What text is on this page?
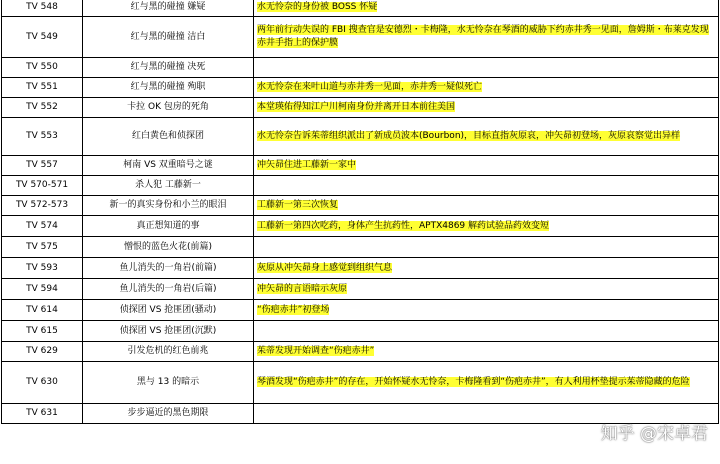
TV 548	红与黑的碰撞 嫌疑	水无怜奈的身份被 BOSS 怀疑
TV 549	红与黑的碰撞 洁白	两年前行动失误的 FBI 搜查官是安德烈・卡梅隆，水无怜奈在琴酒的威胁下约赤井秀一见面，詹姆斯・布莱克发现赤井手指上的保护膜
TV 550	红与黑的碰撞 决死	
TV 551	红与黑的碰撞 殉职	水无怜奈在来叶山道与赤井秀一见面，赤井秀一疑似死亡
TV 552	卡拉 OK 包房的死角	本堂瑛佑得知江户川柯南身份并离开日本前往美国
TV 553	红白黄色和侦探团	水无怜奈告诉茱蒂组织派出了新成员波本(Bourbon)，目标直指灰原哀，冲矢昴初登场，灰原哀察觉出异样
TV 557	柯南 VS 双重暗号之谜	冲矢昴住进工藤新一家中
TV 570-571	杀人犯 工藤新一	
TV 572-573	新一的真实身份和小兰的眼泪	工藤新一第三次恢复
TV 574	真正想知道的事	工藤新一第四次吃药，身体产生抗药性，APTX4869 解药试验品药效变短
TV 575	憎恨的蓝色火花(前篇)	
TV 593	鱼儿消失的一角岩(前篇)	灰原从冲矢昴身上感觉到组织气息
TV 594	鱼儿消失的一角岩(后篇)	冲矢昴的言语暗示灰原
TV 614	侦探团 VS 抢匪团(骚动)	“伤疤赤井”初登场
TV 615	侦探团 VS 抢匪团(沉默)	
TV 629	引发危机的红色前兆	茱蒂发现开始调查“伤疤赤井”
TV 630	黑与 13 的暗示	琴酒发现“伤疤赤井”的存在，开始怀疑水无怜奈，卡梅隆看到“伤疤赤井”，有人利用杯垫提示茱蒂隐藏的危险
TV 631	步步逼近的黑色期限	
知乎 @宋卓君
